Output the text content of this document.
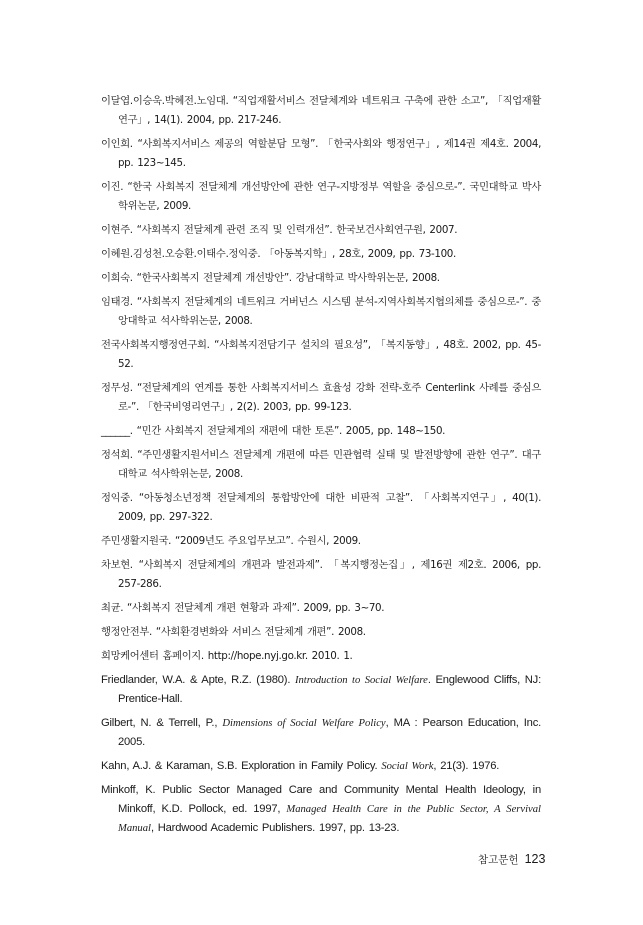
이달엽․이승욱․박혜전․노임대. “직업재활서비스 전달체계와 네트워크 구축에 관한 소고”, 「직업재활연구」, 14(1). 2004, pp. 217-246.

이인희. “사회복지서비스 제공의 역할분담 모형”. 「한국사회와 행정연구」, 제14권 제4호. 2004, pp. 123~145.

이진. “한국 사회복지 전달체계 개선방안에 관한 연구-지방정부 역할을 중심으로-”. 국민대학교 박사학위논문, 2009.

이현주. “사회복지 전달체계 관련 조직 및 인력개선”. 한국보건사회연구원, 2007.

이혜원․김성천․오승환․이태수․정익중. 「아동복지학」, 28호, 2009, pp. 73-100.

이희숙. “한국사회복지 전달체계 개선방안”. 강남대학교 박사학위논문, 2008.

임태경. “사회복지 전달체계의 네트워크 거버넌스 시스템 분석-지역사회복지협의체를 중심으로-”. 중앙대학교 석사학위논문, 2008.

전국사회복지행정연구회. “사회복지전담기구 설치의 필요성”, 「복지동향」, 48호. 2002, pp. 45-52.

정무성. “전달체계의 연계를 통한 사회복지서비스 효율성 강화 전략-호주 Centerlink 사례를 중심으로-”. 「한국비영리연구」, 2(2). 2003, pp. 99-123.

______. “민간 사회복지 전달체계의 재편에 대한 토론”. 2005, pp. 148~150.

정석희. “주민생활지원서비스 전달체계 개편에 따른 민관협력 실태 및 발전방향에 관한 연구”. 대구대학교 석사학위논문, 2008.

정익중. “아동청소년정책 전달체계의 통합방안에 대한 비판적 고찰”. 「사회복지연구」, 40(1). 2009, pp. 297-322.

주민생활지원국. “2009년도 주요업무보고”. 수원시, 2009.

차보현. “사회복지 전달체계의 개편과 발전과제”. 「복지행정논집」, 제16권 제2호. 2006, pp. 257-286.

최균. “사회복지 전달체계 개편 현황과 과제”. 2009, pp. 3~70.

행정안전부. “사회환경변화와 서비스 전달체계 개편”. 2008.

희망케어센터 홈페이지. http://hope.nyj.go.kr. 2010. 1.

Friedlander, W.A. & Apte, R.Z. (1980). Introduction to Social Welfare. Englewood Cliffs, NJ: Prentice-Hall.

Gilbert, N. & Terrell, P., Dimensions of Social Welfare Policy, MA : Pearson Education, Inc. 2005.

Kahn, A.J. & Karaman, S.B. Exploration in Family Policy. Social Work, 21(3). 1976.

Minkoff, K. Public Sector Managed Care and Community Mental Health Ideology, in Minkoff, K.D. Pollock, ed. 1997, Managed Health Care in the Public Sector, A Servival Manual, Hardwood Academic Publishers. 1997, pp. 13-23.

참고문헌 123
